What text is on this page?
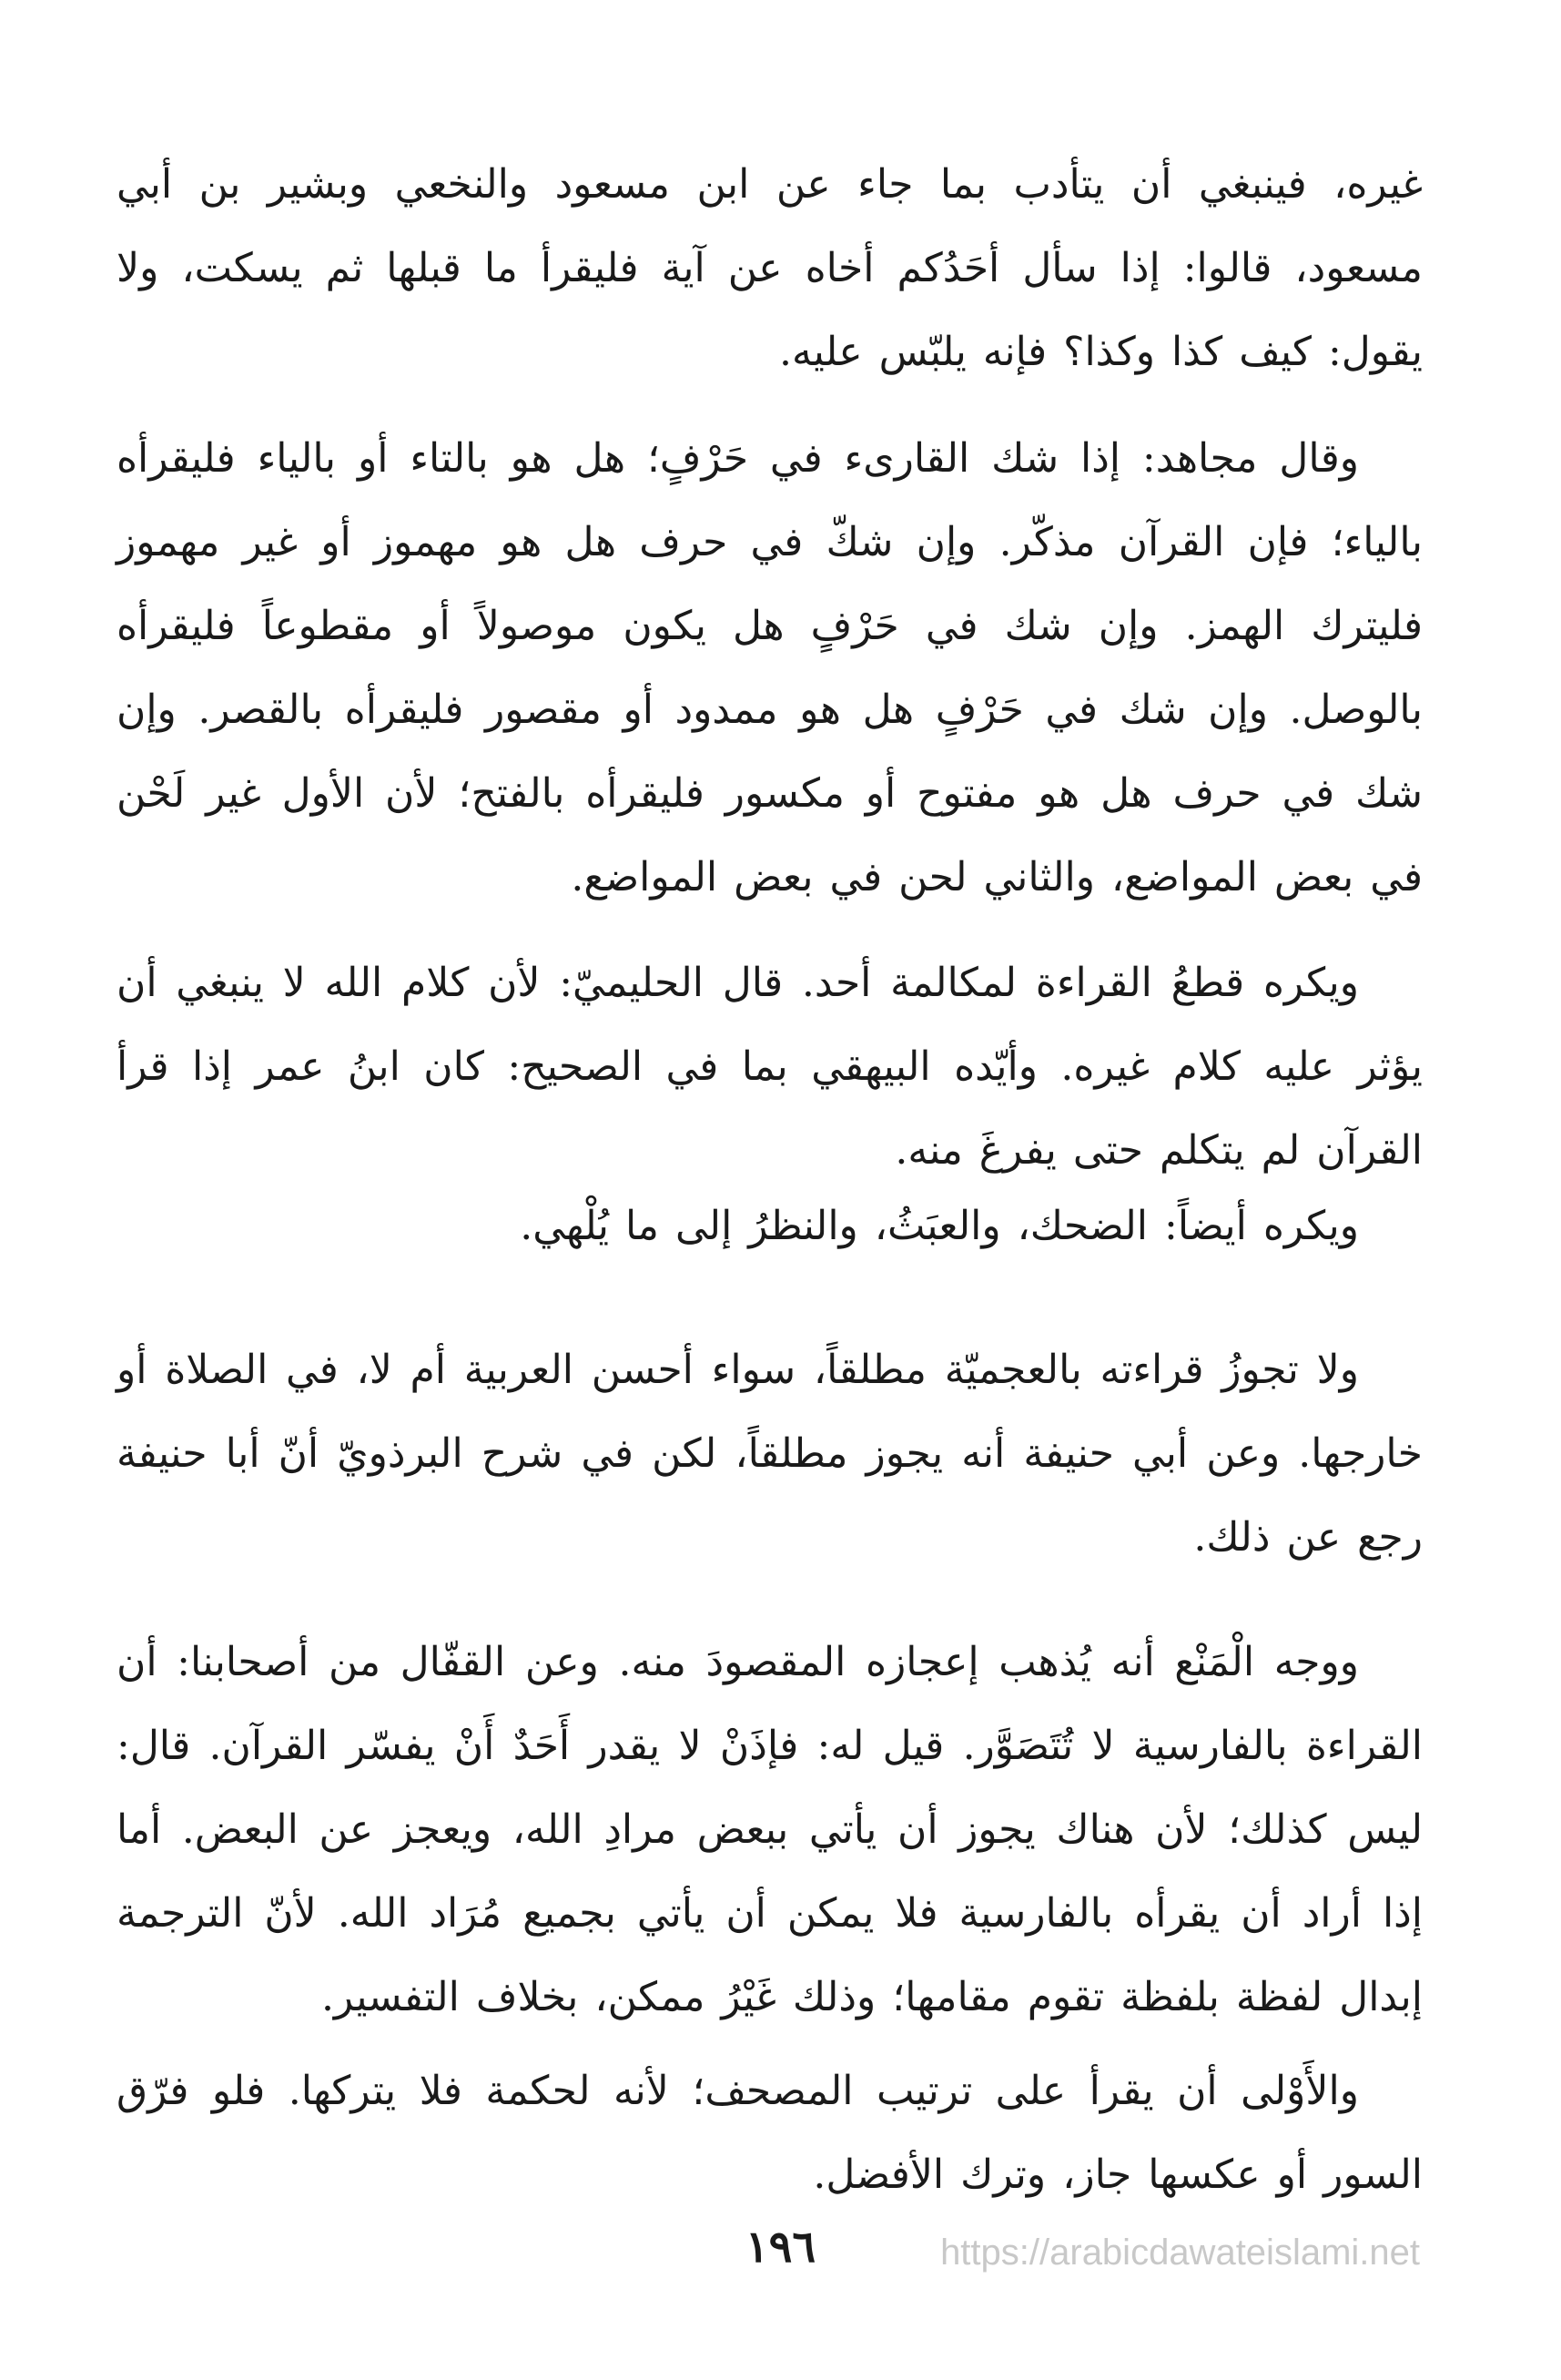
غيره، فينبغي أن يتأدب بما جاء عن ابن مسعود والنخعي وبشير بن أبي مسعود، قالوا: إذا سأل أحَدُكم أخاه عن آية فليقرأ ما قبلها ثم يسكت، ولا يقول: كيف كذا وكذا؟ فإنه يلبّس عليه.

وقال مجاهد: إذا شك القارىء في حَرْفٍ؛ هل هو بالتاء أو بالياء فليقرأه بالياء؛ فإن القرآن مذكّر. وإن شكّ في حرف هل هو مهموز أو غير مهموز فليترك الهمز. وإن شك في حَرْفٍ هل يكون موصولاً أو مقطوعاً فليقرأه بالوصل. وإن شك في حَرْفٍ هل هو ممدود أو مقصور فليقرأه بالقصر. وإن شك في حرف هل هو مفتوح أو مكسور فليقرأه بالفتح؛ لأن الأول غير لَحْن في بعض المواضع، والثاني لحن في بعض المواضع.

ويكره قطعُ القراءة لمكالمة أحد. قال الحليميّ: لأن كلام الله لا ينبغي أن يؤثر عليه كلام غيره. وأيّده البيهقي بما في الصحيح: كان ابنُ عمر إذا قرأ القرآن لم يتكلم حتى يفرغَ منه.

ويكره أيضاً: الضحك، والعبَثُ، والنظرُ إلى ما يُلْهي.

ولا تجوزُ قراءته بالعجميّة مطلقاً، سواء أحسن العربية أم لا، في الصلاة أو خارجها. وعن أبي حنيفة أنه يجوز مطلقاً، لكن في شرح البرذويّ أنّ أبا حنيفة رجع عن ذلك.

ووجه الْمَنْع أنه يُذهب إعجازه المقصودَ منه. وعن القفّال من أصحابنا: أن القراءة بالفارسية لا تُتَصَوَّر. قيل له: فإذَنْ لا يقدر أَحَدٌ أَنْ يفسّر القرآن. قال: ليس كذلك؛ لأن هناك يجوز أن يأتي ببعض مرادِ الله، ويعجز عن البعض. أما إذا أراد أن يقرأه بالفارسية فلا يمكن أن يأتي بجميع مُرَاد الله. لأنّ الترجمة إبدال لفظة بلفظة تقوم مقامها؛ وذلك غَيْرُ ممكن، بخلاف التفسير.

والأَوْلى أن يقرأ على ترتيب المصحف؛ لأنه لحكمة فلا يتركها. فلو فرّق السور أو عكسها جاز، وترك الأفضل.

١٩٦	https://arabicdawateislami.net
